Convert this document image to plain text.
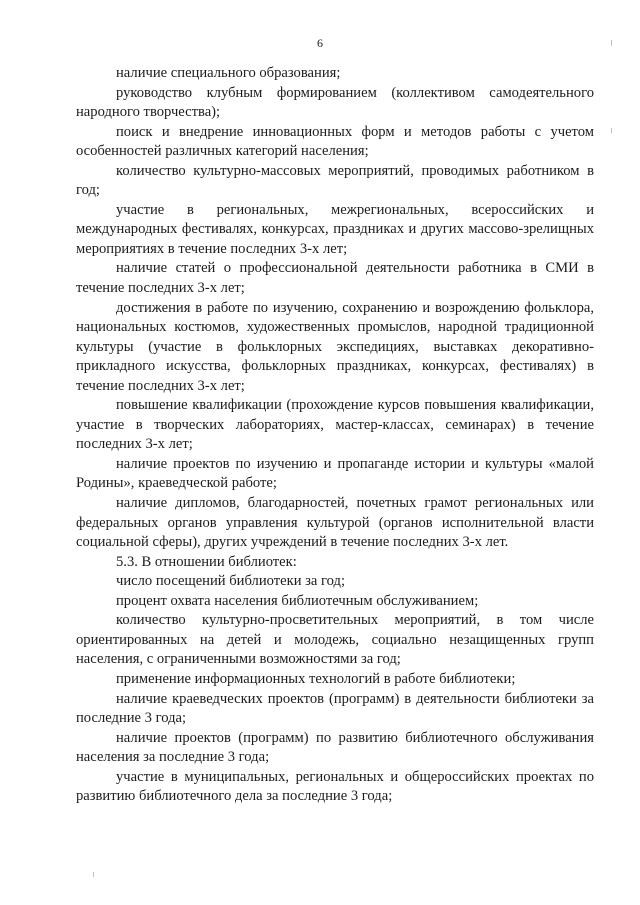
6

наличие специального образования;

руководство клубным формированием (коллективом самодеятельного народного творчества);

поиск и внедрение инновационных форм и методов работы с учетом особенностей различных категорий населения;

количество культурно-массовых мероприятий, проводимых работником в год;

участие в региональных, межрегиональных, всероссийских и международных фестивалях, конкурсах, праздниках и других массово-зрелищных мероприятиях в течение последних 3-х лет;

наличие статей о профессиональной деятельности работника в СМИ в течение последних 3-х лет;

достижения в работе по изучению, сохранению и возрождению фольклора, национальных костюмов, художественных промыслов, народной традиционной культуры (участие в фольклорных экспедициях, выставках декоративно-прикладного искусства, фольклорных праздниках, конкурсах, фестивалях) в течение последних 3-х лет;

повышение квалификации (прохождение курсов повышения квалификации, участие в творческих лабораториях, мастер-классах, семинарах) в течение последних 3-х лет;

наличие проектов по изучению и пропаганде истории и культуры «малой Родины», краеведческой работе;

наличие дипломов, благодарностей, почетных грамот региональных или федеральных органов управления культурой (органов исполнительной власти социальной сферы), других учреждений в течение последних 3-х лет.

5.3. В отношении библиотек:

число посещений библиотеки за год;

процент охвата населения библиотечным обслуживанием;

количество культурно-просветительных мероприятий, в том числе ориентированных на детей и молодежь, социально незащищенных групп населения, с ограниченными возможностями за год;

применение информационных технологий в работе библиотеки;

наличие краеведческих проектов (программ) в деятельности библиотеки за последние 3 года;

наличие проектов (программ) по развитию библиотечного обслуживания населения за последние 3 года;

участие в муниципальных, региональных и общероссийских проектах по развитию библиотечного дела за последние 3 года;
